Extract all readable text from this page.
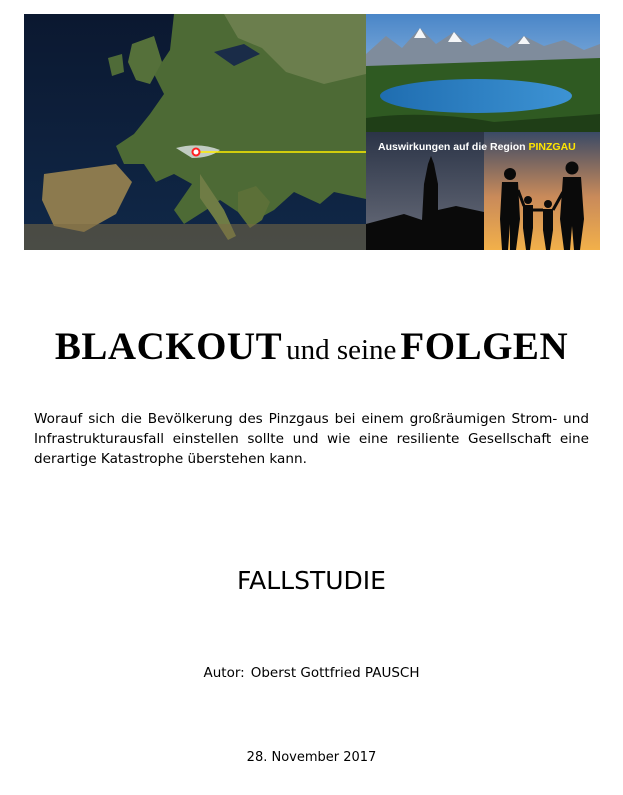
Auswirkungen auf die Region PINZGAU
BLACKOUT und seine FOLGEN
Worauf sich die Bevölkerung des Pinzgaus bei einem großräumigen Strom- und Infrastrukturausfall einstellen sollte und wie eine resiliente Gesellschaft eine derartige Katastrophe überstehen kann.
FALLSTUDIE
Autor: Oberst Gottfried PAUSCH
28. November 2017
